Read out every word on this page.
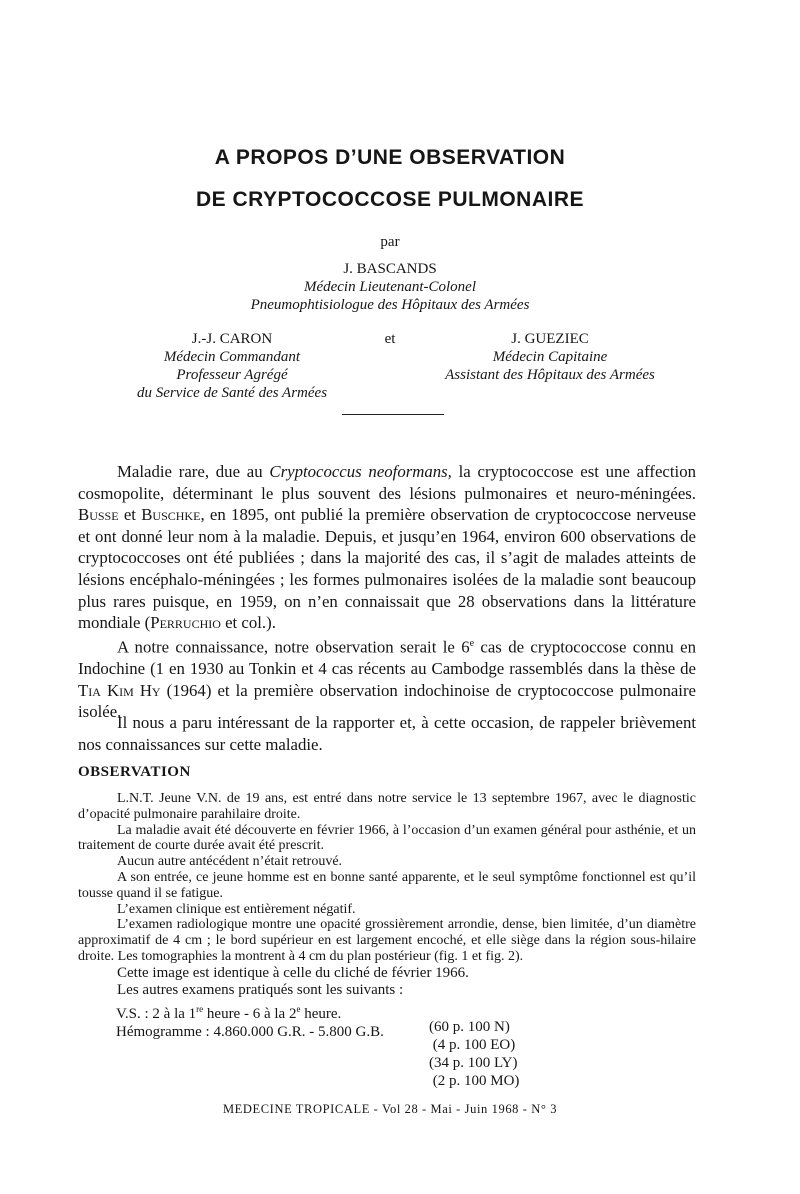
A PROPOS D’UNE OBSERVATION
DE CRYPTOCOCCOSE PULMONAIRE
par
J. BASCANDS
Médecin Lieutenant-Colonel
Pneumophtisiologue des Hôpitaux des Armées
J.-J. CARON
Médecin Commandant
Professeur Agrégé
du Service de Santé des Armées
et	J. GUEZIEC
Médecin Capitaine
Assistant des Hôpitaux des Armées

Maladie rare, due au Cryptococcus neoformans, la cryptococcose est une affection cosmopolite, déterminant le plus souvent des lésions pulmonaires et neuro-méningées. Busse et Buschke, en 1895, ont publié la première observation de cryptococcose nerveuse et ont donné leur nom à la maladie. Depuis, et jusqu’en 1964, environ 600 observations de cryptococcoses ont été publiées ; dans la majorité des cas, il s’agit de malades atteints de lésions encéphalo-méningées ; les formes pulmonaires isolées de la maladie sont beaucoup plus rares puisque, en 1959, on n’en connaissait que 28 observations dans la littérature mondiale (Perruchio et col.).

A notre connaissance, notre observation serait le 6e cas de cryptococcose connu en Indochine (1 en 1930 au Tonkin et 4 cas récents au Cambodge rassemblés dans la thèse de Tia Kim Hy (1964) et la première observation indochinoise de cryptococcose pulmonaire isolée.

Il nous a paru intéressant de la rapporter et, à cette occasion, de rappeler brièvement nos connaissances sur cette maladie.

OBSERVATION

L.N.T. Jeune V.N. de 19 ans, est entré dans notre service le 13 septembre 1967, avec le diagnostic d’opacité pulmonaire parahilaire droite.

La maladie avait été découverte en février 1966, à l’occasion d’un examen général pour asthénie, et un traitement de courte durée avait été prescrit.

Aucun autre antécédent n’était retrouvé.

A son entrée, ce jeune homme est en bonne santé apparente, et le seul symptôme fonctionnel est qu’il tousse quand il se fatigue.

L’examen clinique est entièrement négatif.

L’examen radiologique montre une opacité grossièrement arrondie, dense, bien limitée, d’un diamètre approximatif de 4 cm ; le bord supérieur en est largement encoché, et elle siège dans la région sous-hilaire droite. Les tomographies la montrent à 4 cm du plan postérieur (fig. 1 et fig. 2).

Cette image est identique à celle du cliché de février 1966.

Les autres examens pratiqués sont les suivants :

V.S. : 2 à la 1re heure - 6 à la 2e heure.
Hémogramme : 4.860.000 G.R. - 5.800 G.B.	(60 p. 100 N)
(4 p. 100 EO)
(34 p. 100 LY)
(2 p. 100 MO)
MEDECINE TROPICALE - Vol 28 - Mai - Juin 1968 - N° 3
